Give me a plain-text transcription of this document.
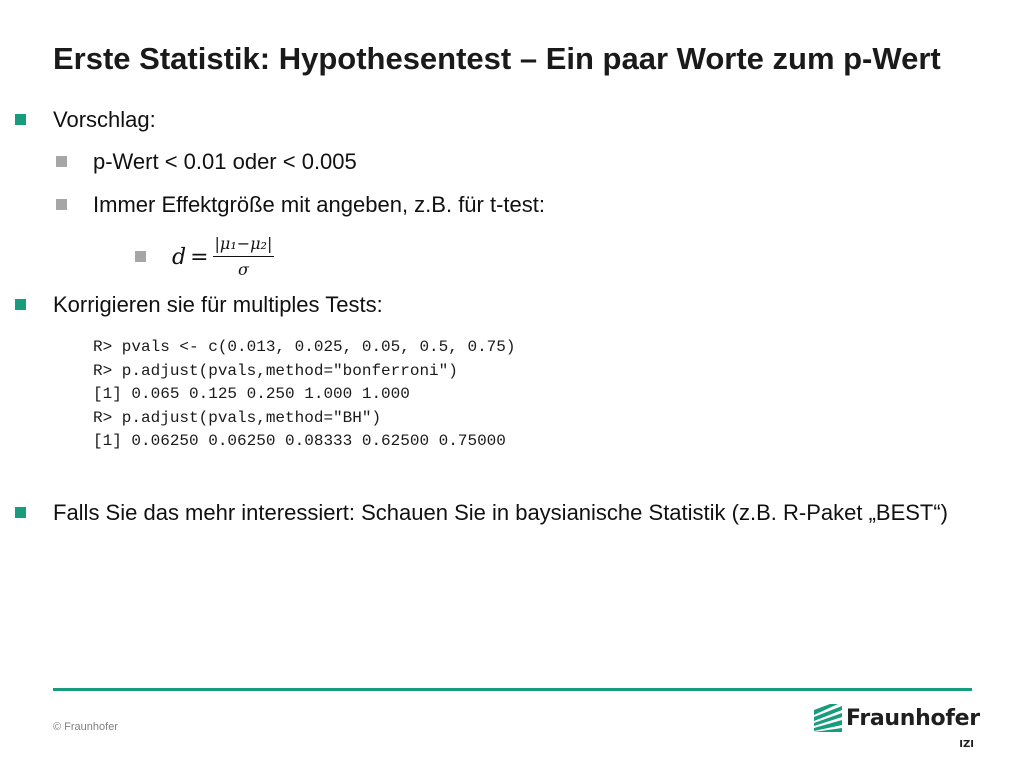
Erste Statistik: Hypothesentest – Ein paar Worte zum p-Wert
Vorschlag:
p-Wert < 0.01 oder < 0.005
Immer Effektgröße mit angeben, z.B. für t-test:
$d = \frac{\text{|μ₁−μ₂|}}{\sigma}$
Korrigieren sie für multiples Tests:
R> pvals <- c(0.013, 0.025, 0.05, 0.5, 0.75)
R> p.adjust(pvals,method="bonferroni")
[1] 0.065 0.125 0.250 1.000 1.000
R> p.adjust(pvals,method="BH")
[1] 0.06250 0.06250 0.08333 0.62500 0.75000
Falls Sie das mehr interessiert: Schauen Sie in baysianische Statistik (z.B. R-Paket „BEST“)
© Fraunhofer	Fraunhofer
IZI
